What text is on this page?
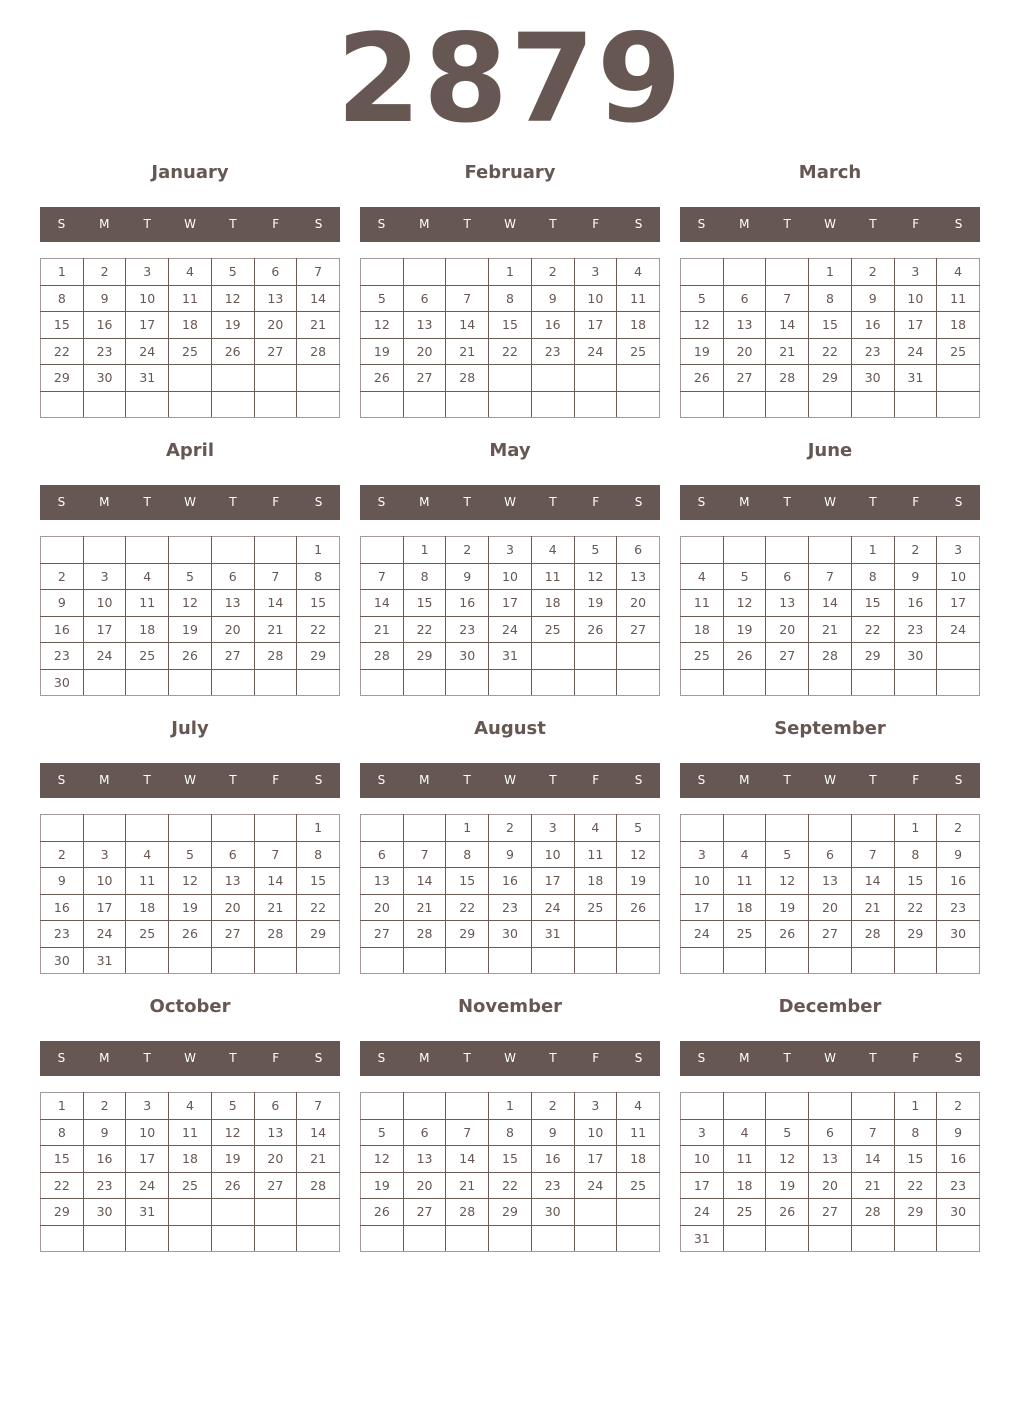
2879
January
S	M	T	W	T	F	S
1	2	3	4	5	6	7
8	9	10	11	12	13	14
15	16	17	18	19	20	21
22	23	24	25	26	27	28
29	30	31				

February
S	M	T	W	T	F	S
			1	2	3	4
5	6	7	8	9	10	11
12	13	14	15	16	17	18
19	20	21	22	23	24	25
26	27	28				

March
S	M	T	W	T	F	S
			1	2	3	4
5	6	7	8	9	10	11
12	13	14	15	16	17	18
19	20	21	22	23	24	25
26	27	28	29	30	31	

April
S	M	T	W	T	F	S
						1
2	3	4	5	6	7	8
9	10	11	12	13	14	15
16	17	18	19	20	21	22
23	24	25	26	27	28	29
30						
May
S	M	T	W	T	F	S
	1	2	3	4	5	6
7	8	9	10	11	12	13
14	15	16	17	18	19	20
21	22	23	24	25	26	27
28	29	30	31			

June
S	M	T	W	T	F	S
				1	2	3
4	5	6	7	8	9	10
11	12	13	14	15	16	17
18	19	20	21	22	23	24
25	26	27	28	29	30	

July
S	M	T	W	T	F	S
						1
2	3	4	5	6	7	8
9	10	11	12	13	14	15
16	17	18	19	20	21	22
23	24	25	26	27	28	29
30	31					
August
S	M	T	W	T	F	S
		1	2	3	4	5
6	7	8	9	10	11	12
13	14	15	16	17	18	19
20	21	22	23	24	25	26
27	28	29	30	31		

September
S	M	T	W	T	F	S
					1	2
3	4	5	6	7	8	9
10	11	12	13	14	15	16
17	18	19	20	21	22	23
24	25	26	27	28	29	30

October
S	M	T	W	T	F	S
1	2	3	4	5	6	7
8	9	10	11	12	13	14
15	16	17	18	19	20	21
22	23	24	25	26	27	28
29	30	31				

November
S	M	T	W	T	F	S
			1	2	3	4
5	6	7	8	9	10	11
12	13	14	15	16	17	18
19	20	21	22	23	24	25
26	27	28	29	30		

December
S	M	T	W	T	F	S
					1	2
3	4	5	6	7	8	9
10	11	12	13	14	15	16
17	18	19	20	21	22	23
24	25	26	27	28	29	30
31						
